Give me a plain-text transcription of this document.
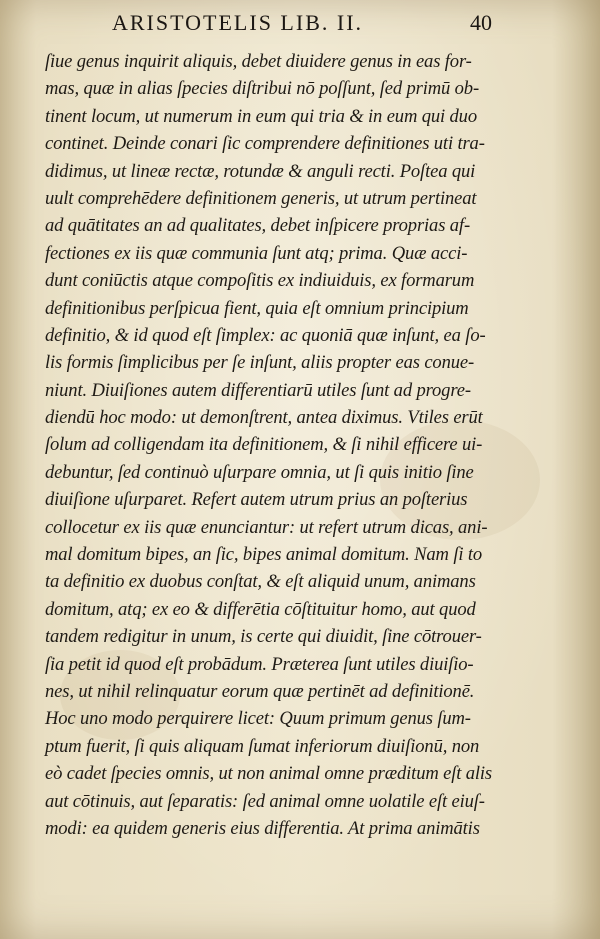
ARISTOTELIS LIB. II.	40
ſiue genus inquirit aliquis, debet diuidere genus in eas for-
mas, quæ in alias ſpecies diſtribui nō poſſunt, ſed primū ob-
tinent locum, ut numerum in eum qui tria & in eum qui duo
continet. Deinde conari ſic comprendere definitiones uti tra-
didimus, ut lineæ rectæ, rotundæ & anguli recti. Poſtea qui
uult comprehēdere definitionem generis, ut utrum pertineat
ad quātitates an ad qualitates, debet inſpicere proprias af-
fectiones ex iis quæ communia ſunt atq; prima. Quæ acci-
dunt coniūctis atque compoſitis ex indiuiduis, ex formarum
definitionibus perſpicua fient, quia eſt omnium principium
definitio, & id quod eſt ſimplex: ac quoniā quæ inſunt, ea ſo-
lis formis ſimplicibus per ſe inſunt, aliis propter eas conue-
niunt. Diuiſiones autem differentiarū utiles ſunt ad progre-
diendū hoc modo: ut demonſtrent, antea diximus. Vtiles erūt
ſolum ad colligendam ita definitionem, & ſi nihil efficere ui-
debuntur, ſed continuò uſurpare omnia, ut ſi quis initio ſine
diuiſione uſurparet. Refert autem utrum prius an poſterius
collocetur ex iis quæ enunciantur: ut refert utrum dicas, ani-
mal domitum bipes, an ſic, bipes animal domitum. Nam ſi to
ta definitio ex duobus conſtat, & eſt aliquid unum, animans
domitum, atq; ex eo & differētia cōſtituitur homo, aut quod
tandem redigitur in unum, is certe qui diuidit, ſine cōtrouer-
ſia petit id quod eſt probādum. Præterea ſunt utiles diuiſio-
nes, ut nihil relinquatur eorum quæ pertinēt ad definitionē.
Hoc uno modo perquirere licet: Quum primum genus ſum-
ptum fuerit, ſi quis aliquam ſumat inferiorum diuiſionū, non
eò cadet ſpecies omnis, ut non animal omne præditum eſt alis
aut cōtinuis, aut ſeparatis: ſed animal omne uolatile eſt eiuſ-
modi: ea quidem generis eius differentia. At prima animātis
